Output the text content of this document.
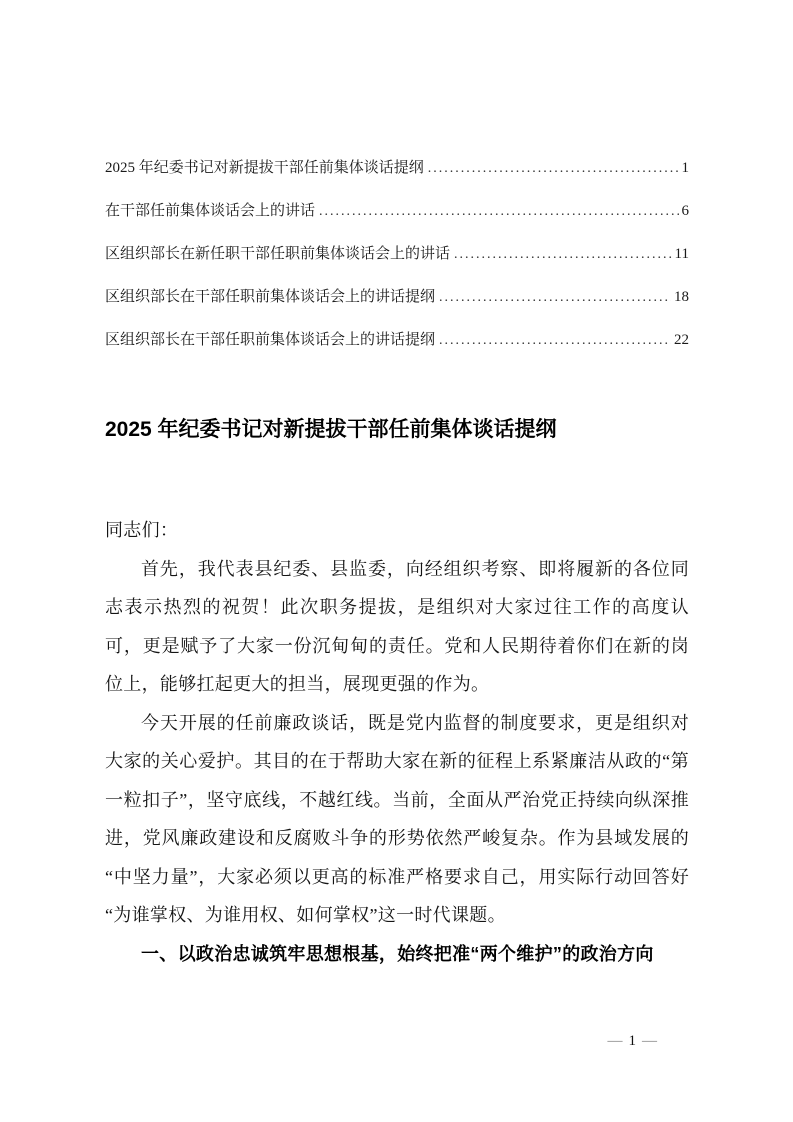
2025 年纪委书记对新提拔干部任前集体谈话提纲 .....	1
在干部任前集体谈话会上的讲话 .....	6
区组织部长在新任职干部任职前集体谈话会上的讲话 .....	11
区组织部长在干部任职前集体谈话会上的讲话提纲 .....	18
区组织部长在干部任职前集体谈话会上的讲话提纲 .....	22
2025 年纪委书记对新提拔干部任前集体谈话提纲

同志们：

首先，我代表县纪委、县监委，向经组织考察、即将履新的各位同志表示热烈的祝贺！此次职务提拔，是组织对大家过往工作的高度认可，更是赋予了大家一份沉甸甸的责任。党和人民期待着你们在新的岗位上，能够扛起更大的担当，展现更强的作为。

今天开展的任前廉政谈话，既是党内监督的制度要求，更是组织对大家的关心爱护。其目的在于帮助大家在新的征程上系紧廉洁从政的“第一粒扣子”，坚守底线，不越红线。当前，全面从严治党正持续向纵深推进，党风廉政建设和反腐败斗争的形势依然严峻复杂。作为县域发展的“中坚力量”，大家必须以更高的标准严格要求自己，用实际行动回答好“为谁掌权、为谁用权、如何掌权”这一时代课题。

一、以政治忠诚筑牢思想根基，始终把准“两个维护”的政治方向

— 1 —
